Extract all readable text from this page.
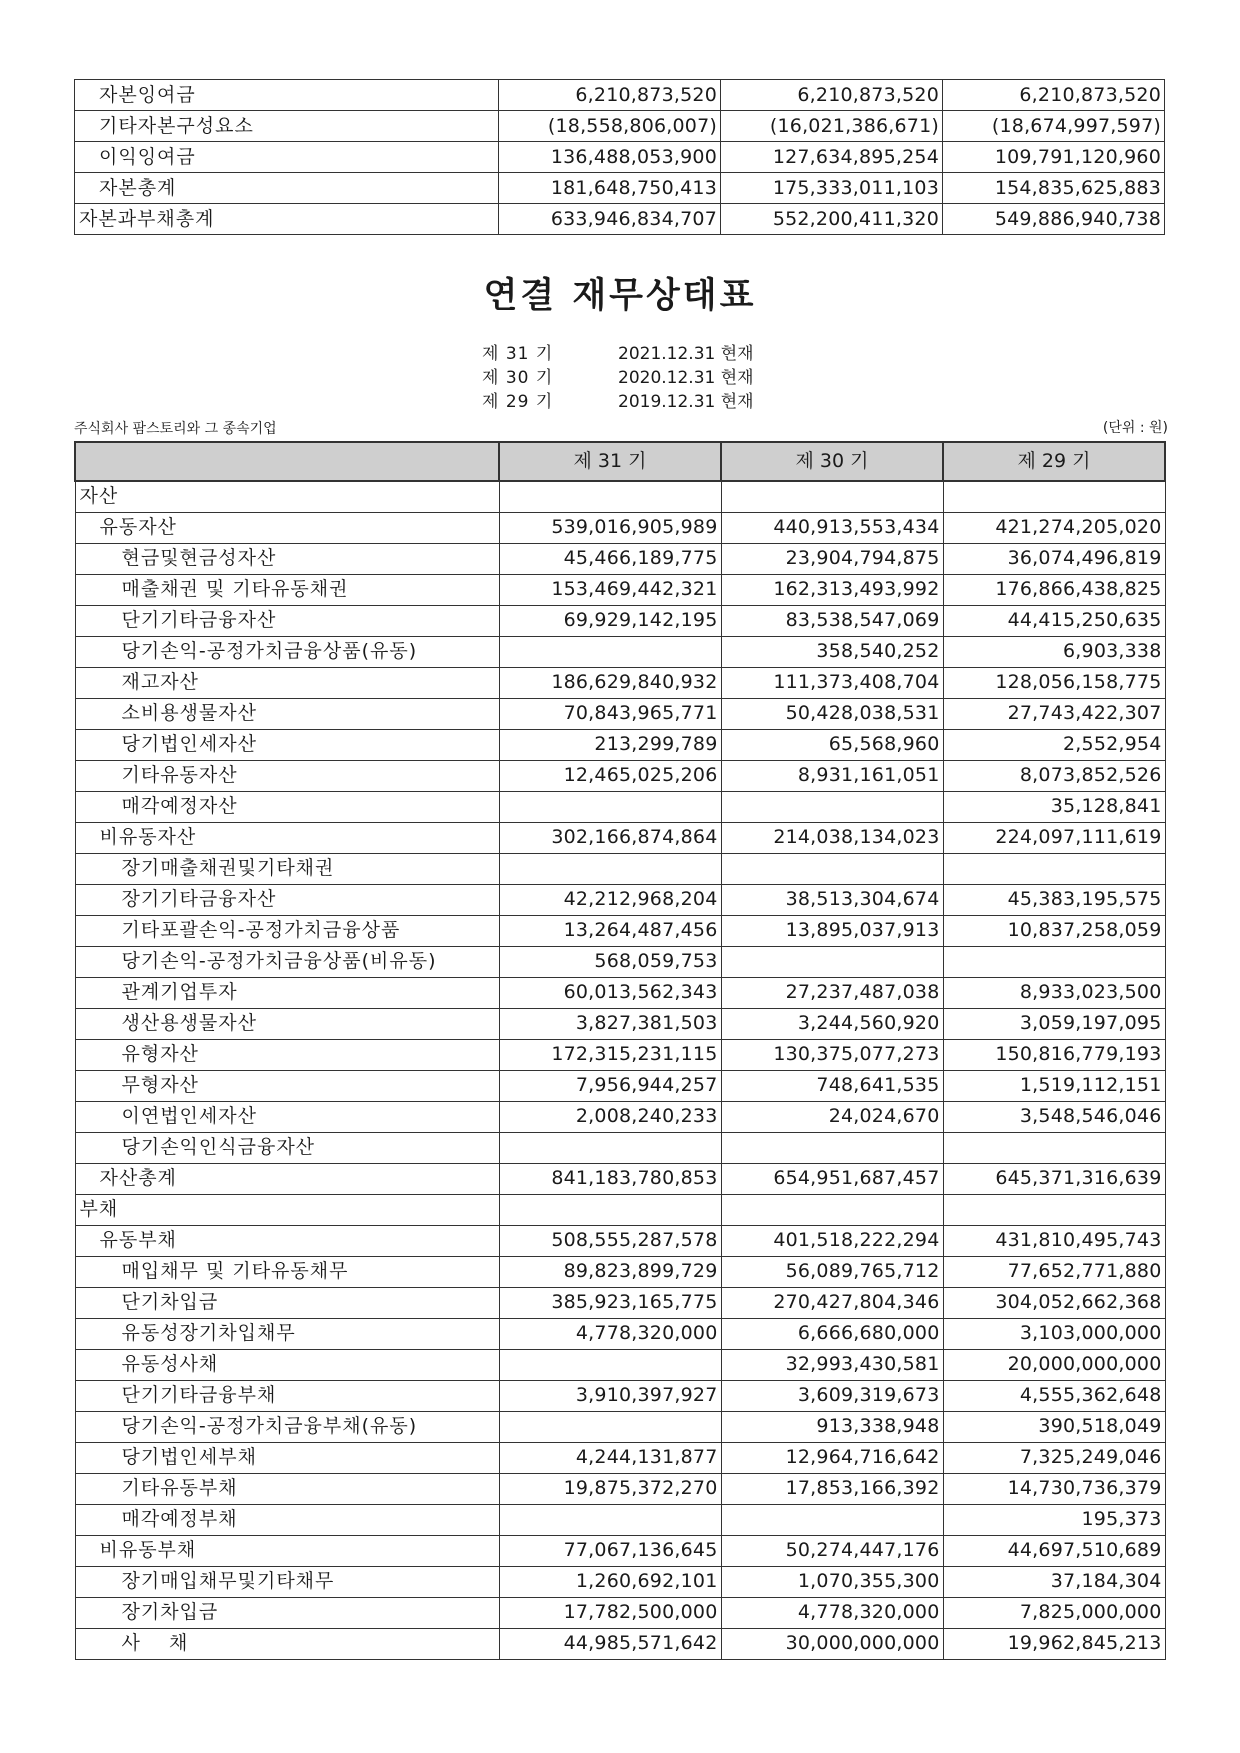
자본잉여금	6,210,873,520	6,210,873,520	6,210,873,520
기타자본구성요소	(18,558,806,007)	(16,021,386,671)	(18,674,997,597)
이익잉여금	136,488,053,900	127,634,895,254	109,791,120,960
자본총계	181,648,750,413	175,333,011,103	154,835,625,883
자본과부채총계	633,946,834,707	552,200,411,320	549,886,940,738
연결 재무상태표
제 31 기	2021.12.31 현재
제 30 기	2020.12.31 현재
제 29 기	2019.12.31 현재
주식회사 팜스토리와 그 종속기업	(단위 : 원)
	제 31 기	제 30 기	제 29 기
자산			
유동자산	539,016,905,989	440,913,553,434	421,274,205,020
현금및현금성자산	45,466,189,775	23,904,794,875	36,074,496,819
매출채권 및 기타유동채권	153,469,442,321	162,313,493,992	176,866,438,825
단기기타금융자산	69,929,142,195	83,538,547,069	44,415,250,635
당기손익-공정가치금융상품(유동)		358,540,252	6,903,338
재고자산	186,629,840,932	111,373,408,704	128,056,158,775
소비용생물자산	70,843,965,771	50,428,038,531	27,743,422,307
당기법인세자산	213,299,789	65,568,960	2,552,954
기타유동자산	12,465,025,206	8,931,161,051	8,073,852,526
매각예정자산			35,128,841
비유동자산	302,166,874,864	214,038,134,023	224,097,111,619
장기매출채권및기타채권			
장기기타금융자산	42,212,968,204	38,513,304,674	45,383,195,575
기타포괄손익-공정가치금융상품	13,264,487,456	13,895,037,913	10,837,258,059
당기손익-공정가치금융상품(비유동)	568,059,753		
관계기업투자	60,013,562,343	27,237,487,038	8,933,023,500
생산용생물자산	3,827,381,503	3,244,560,920	3,059,197,095
유형자산	172,315,231,115	130,375,077,273	150,816,779,193
무형자산	7,956,944,257	748,641,535	1,519,112,151
이연법인세자산	2,008,240,233	24,024,670	3,548,546,046
당기손익인식금융자산			
자산총계	841,183,780,853	654,951,687,457	645,371,316,639
부채			
유동부채	508,555,287,578	401,518,222,294	431,810,495,743
매입채무 및 기타유동채무	89,823,899,729	56,089,765,712	77,652,771,880
단기차입금	385,923,165,775	270,427,804,346	304,052,662,368
유동성장기차입채무	4,778,320,000	6,666,680,000	3,103,000,000
유동성사채		32,993,430,581	20,000,000,000
단기기타금융부채	3,910,397,927	3,609,319,673	4,555,362,648
당기손익-공정가치금융부채(유동)		913,338,948	390,518,049
당기법인세부채	4,244,131,877	12,964,716,642	7,325,249,046
기타유동부채	19,875,372,270	17,853,166,392	14,730,736,379
매각예정부채			195,373
비유동부채	77,067,136,645	50,274,447,176	44,697,510,689
장기매입채무및기타채무	1,260,692,101	1,070,355,300	37,184,304
장기차입금	17,782,500,000	4,778,320,000	7,825,000,000
사    채	44,985,571,642	30,000,000,000	19,962,845,213
